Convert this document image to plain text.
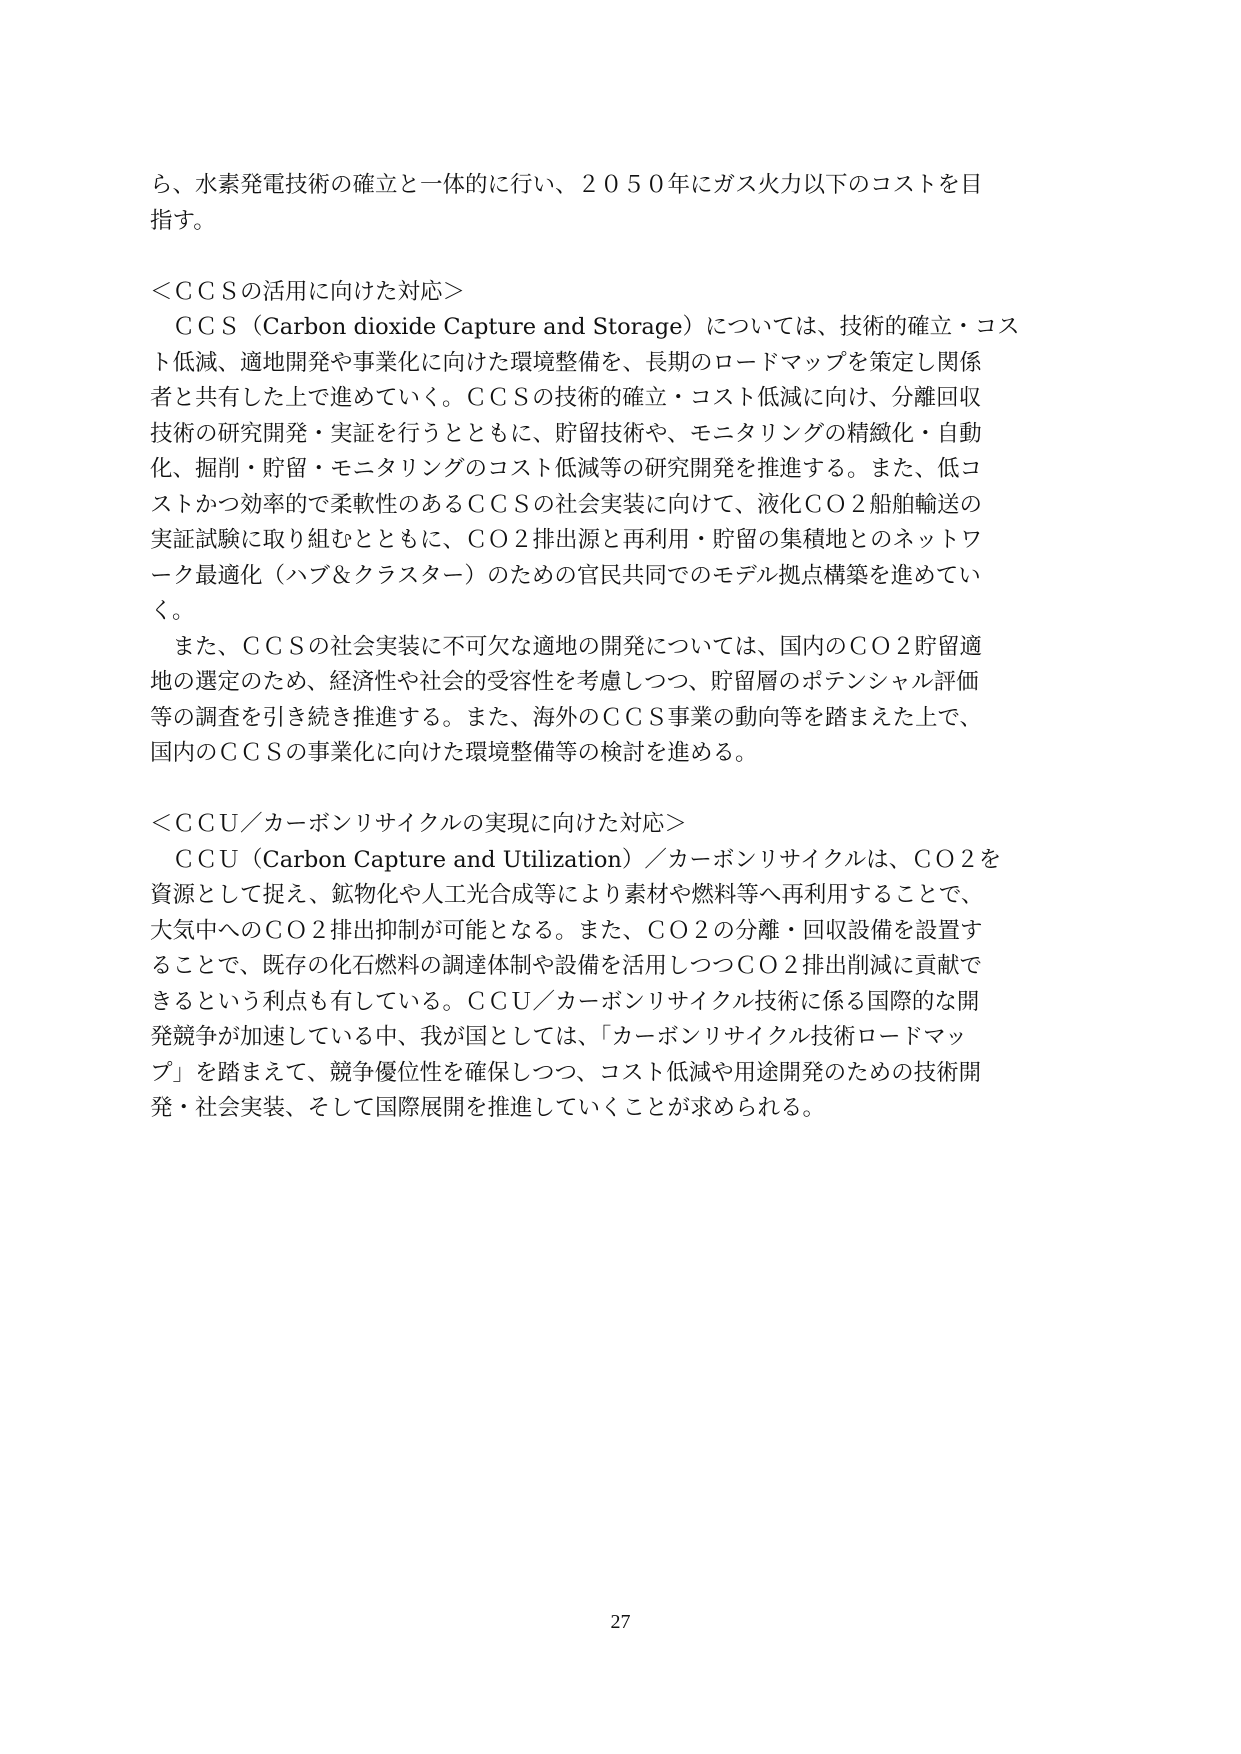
ら、水素発電技術の確立と一体的に行い、２０５０年にガス火力以下のコストを目
指す。
＜ＣＣＳの活用に向けた対応＞
　ＣＣＳ（Carbon dioxide Capture and Storage）については、技術的確立・コス
ト低減、適地開発や事業化に向けた環境整備を、長期のロードマップを策定し関係
者と共有した上で進めていく。ＣＣＳの技術的確立・コスト低減に向け、分離回収
技術の研究開発・実証を行うとともに、貯留技術や、モニタリングの精緻化・自動
化、掘削・貯留・モニタリングのコスト低減等の研究開発を推進する。また、低コ
ストかつ効率的で柔軟性のあるＣＣＳの社会実装に向けて、液化ＣＯ２船舶輸送の
実証試験に取り組むとともに、ＣＯ２排出源と再利用・貯留の集積地とのネットワ
ーク最適化（ハブ＆クラスター）のための官民共同でのモデル拠点構築を進めてい
く。
　また、ＣＣＳの社会実装に不可欠な適地の開発については、国内のＣＯ２貯留適
地の選定のため、経済性や社会的受容性を考慮しつつ、貯留層のポテンシャル評価
等の調査を引き続き推進する。また、海外のＣＣＳ事業の動向等を踏まえた上で、
国内のＣＣＳの事業化に向けた環境整備等の検討を進める。
＜ＣＣＵ／カーボンリサイクルの実現に向けた対応＞
　ＣＣＵ（Carbon Capture and Utilization）／カーボンリサイクルは、ＣＯ２を
資源として捉え、鉱物化や人工光合成等により素材や燃料等へ再利用することで、
大気中へのＣＯ２排出抑制が可能となる。また、ＣＯ２の分離・回収設備を設置す
ることで、既存の化石燃料の調達体制や設備を活用しつつＣＯ２排出削減に貢献で
きるという利点も有している。ＣＣＵ／カーボンリサイクル技術に係る国際的な開
発競争が加速している中、我が国としては、「カーボンリサイクル技術ロードマッ
プ」を踏まえて、競争優位性を確保しつつ、コスト低減や用途開発のための技術開
発・社会実装、そして国際展開を推進していくことが求められる。
27
